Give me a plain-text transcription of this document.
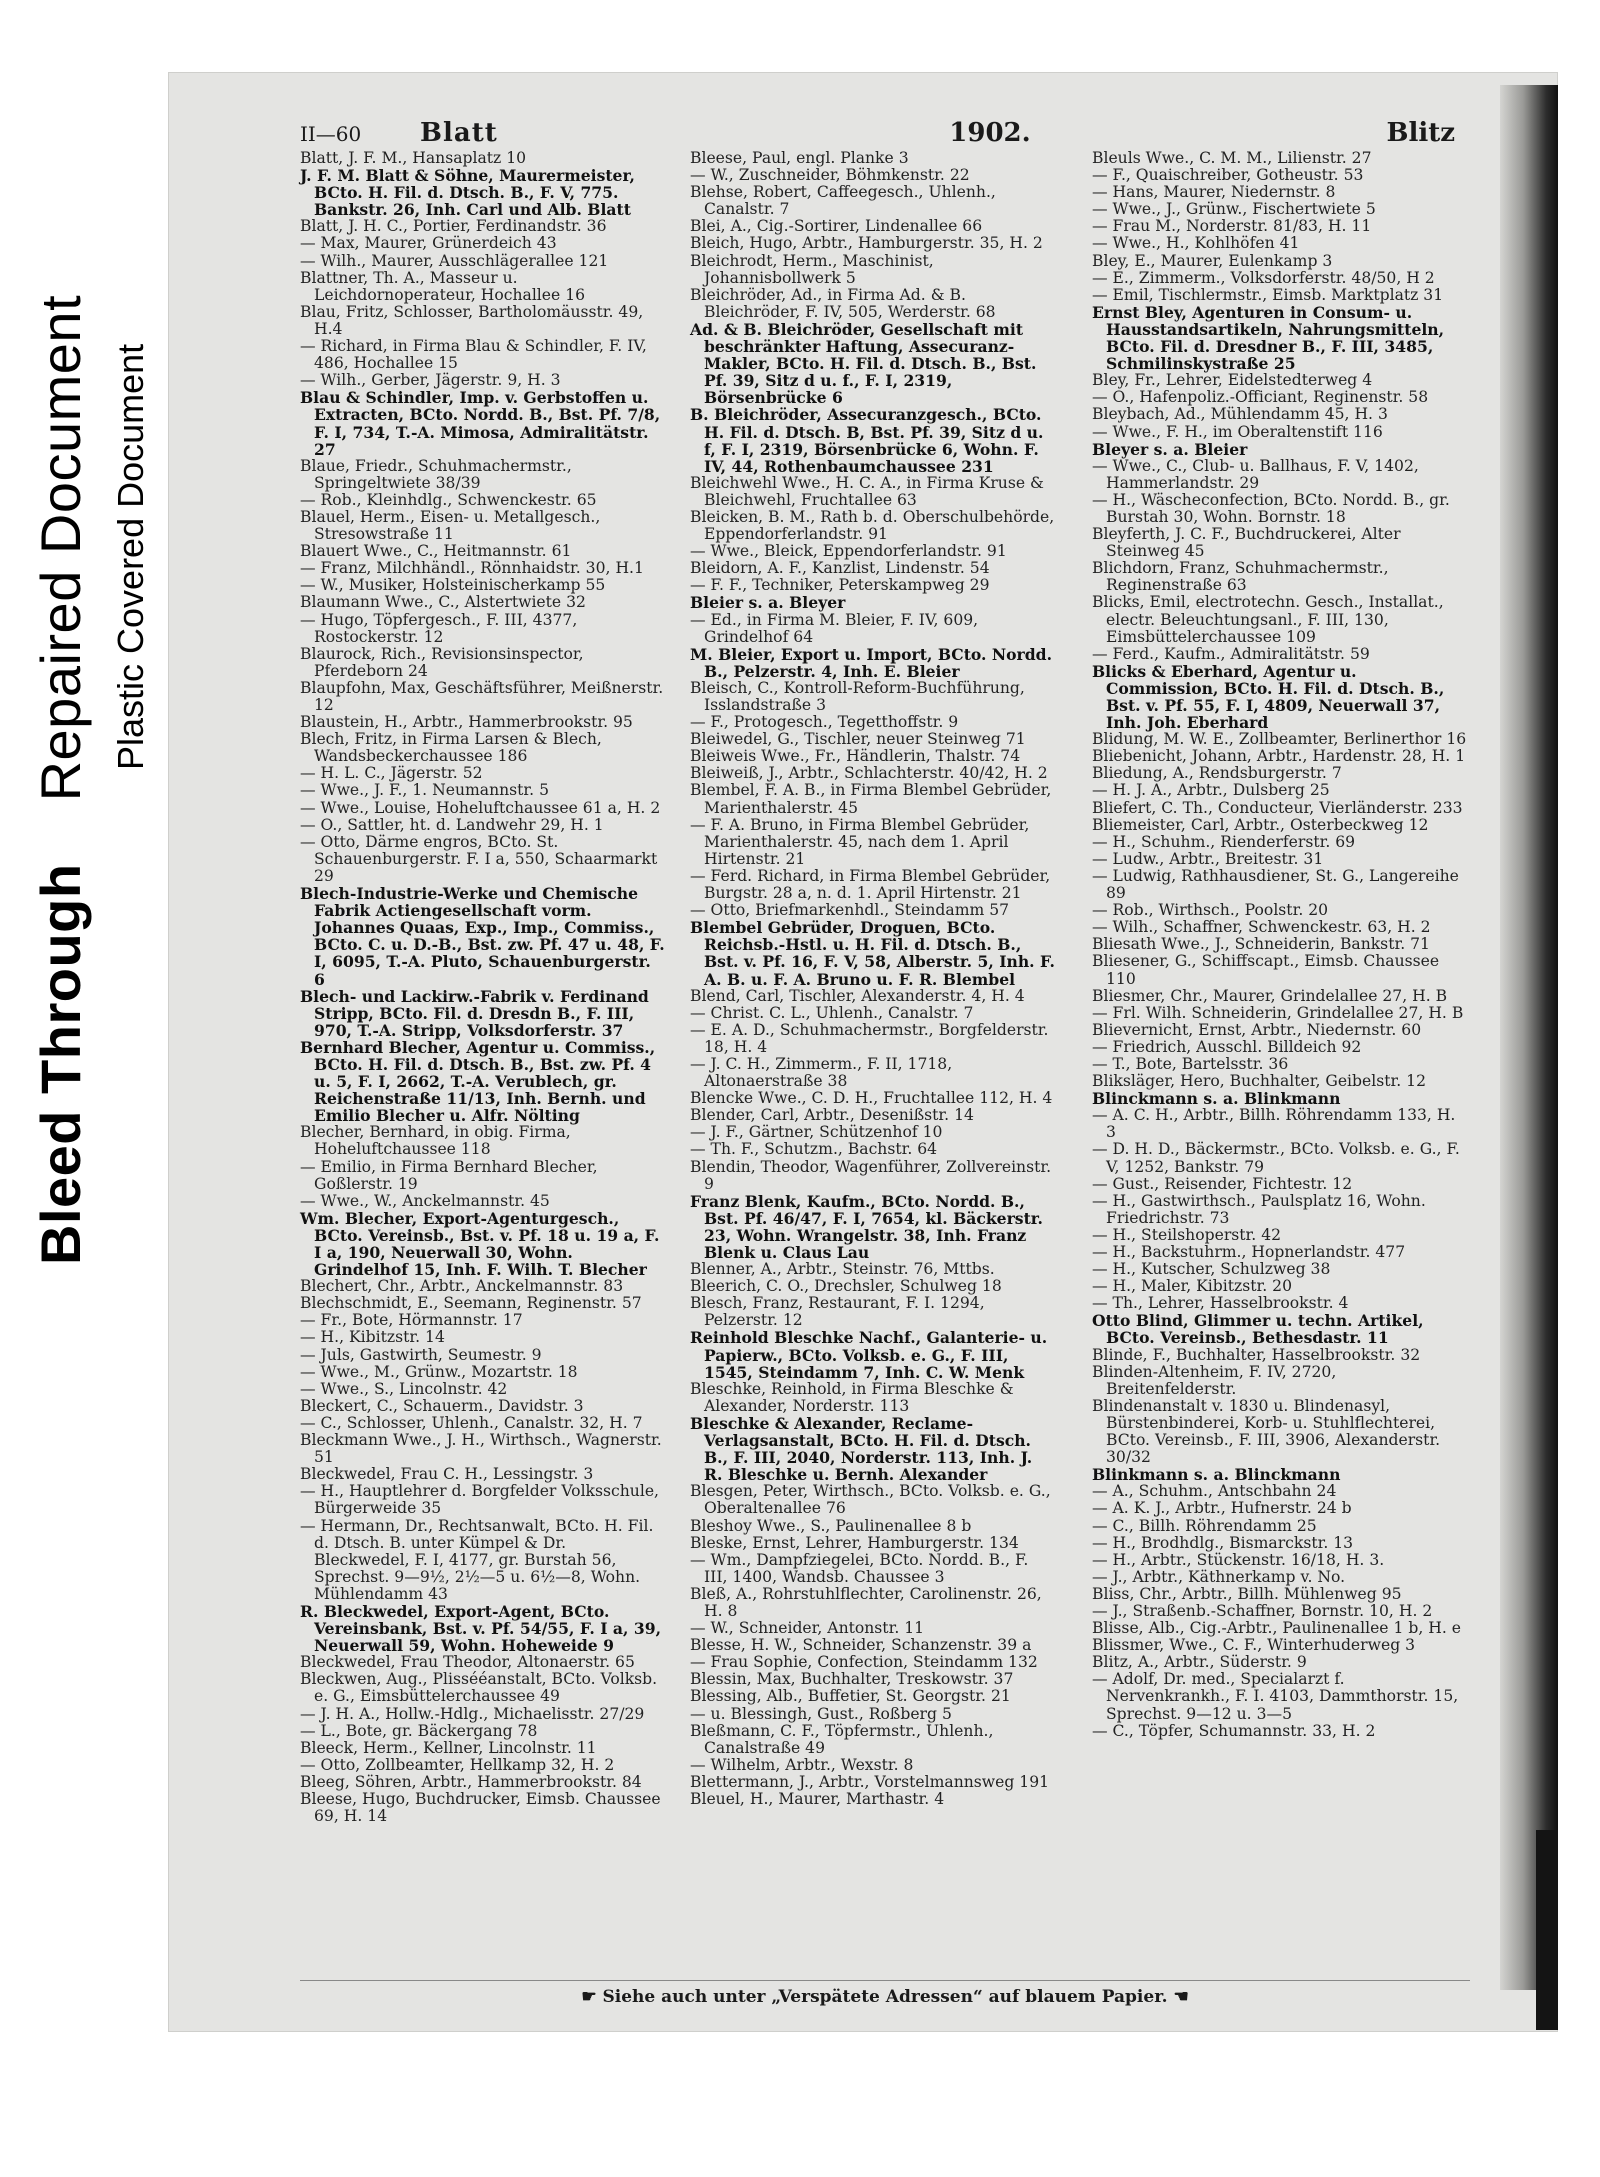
Bleed ThroughRepaired Document Plastic Covered Document
II—60	Blatt	1902.	Blitz

Blatt, J. F. M., Hansaplatz 10

J. F. M. Blatt & Söhne, Maurermeister, BCto. H. Fil. d. Dtsch. B., F. V, 775. Bankstr. 26, Inh. Carl und Alb. Blatt

Blatt, J. H. C., Portier, Ferdinandstr. 36

— Max, Maurer, Grünerdeich 43

— Wilh., Maurer, Ausschlägerallee 121

Blattner, Th. A., Masseur u. Leichdornoperateur, Hochallee 16

Blau, Fritz, Schlosser, Bartholomäusstr. 49, H.4

— Richard, in Firma Blau & Schindler, F. IV, 486, Hochallee 15

— Wilh., Gerber, Jägerstr. 9, H. 3

Blau & Schindler, Imp. v. Gerbstoffen u. Extracten, BCto. Nordd. B., Bst. Pf. 7/8, F. I, 734, T.-A. Mimosa, Admiralitätstr. 27

Blaue, Friedr., Schuhmachermstr., Springeltwiete 38/39

— Rob., Kleinhdlg., Schwenckestr. 65

Blauel, Herm., Eisen- u. Metallgesch., Stresowstraße 11

Blauert Wwe., C., Heitmannstr. 61

— Franz, Milchhändl., Rönnhaidstr. 30, H.1

— W., Musiker, Holsteinischerkamp 55

Blaumann Wwe., C., Alstertwiete 32

— Hugo, Töpfergesch., F. III, 4377, Rostockerstr. 12

Blaurock, Rich., Revisionsinspector, Pferdeborn 24

Blaupfohn, Max, Geschäftsführer, Meißnerstr. 12

Blaustein, H., Arbtr., Hammerbrookstr. 95

Blech, Fritz, in Firma Larsen & Blech, Wandsbeckerchaussee 186

— H. L. C., Jägerstr. 52

— Wwe., J. F., 1. Neumannstr. 5

— Wwe., Louise, Hoheluftchaussee 61 a, H. 2

— O., Sattler, ht. d. Landwehr 29, H. 1

— Otto, Därme engros, BCto. St. Schauenburgerstr. F. I a, 550, Schaarmarkt 29

Blech-Industrie-Werke und Chemische Fabrik Actiengesellschaft vorm. Johannes Quaas, Exp., Imp., Commiss., BCto. C. u. D.-B., Bst. zw. Pf. 47 u. 48, F. I, 6095, T.-A. Pluto, Schauenburgerstr. 6

Blech- und Lackirw.-Fabrik v. Ferdinand Stripp, BCto. Fil. d. Dresdn B., F. III, 970, T.-A. Stripp, Volksdorferstr. 37

Bernhard Blecher, Agentur u. Commiss., BCto. H. Fil. d. Dtsch. B., Bst. zw. Pf. 4 u. 5, F. I, 2662, T.-A. Verublech, gr. Reichenstraße 11/13, Inh. Bernh. und Emilio Blecher u. Alfr. Nölting

Blecher, Bernhard, in obig. Firma, Hoheluftchaussee 118

— Emilio, in Firma Bernhard Blecher, Goßlerstr. 19

— Wwe., W., Anckelmannstr. 45

Wm. Blecher, Export-Agenturgesch., BCto. Vereinsb., Bst. v. Pf. 18 u. 19 a, F. I a, 190, Neuerwall 30, Wohn. Grindelhof 15, Inh. F. Wilh. T. Blecher

Blechert, Chr., Arbtr., Anckelmannstr. 83

Blechschmidt, E., Seemann, Reginenstr. 57

— Fr., Bote, Hörmannstr. 17

— H., Kibitzstr. 14

— Juls, Gastwirth, Seumestr. 9

— Wwe., M., Grünw., Mozartstr. 18

— Wwe., S., Lincolnstr. 42

Bleckert, C., Schauerm., Davidstr. 3

— C., Schlosser, Uhlenh., Canalstr. 32, H. 7

Bleckmann Wwe., J. H., Wirthsch., Wagnerstr. 51

Bleckwedel, Frau C. H., Lessingstr. 3

— H., Hauptlehrer d. Borgfelder Volksschule, Bürgerweide 35

— Hermann, Dr., Rechtsanwalt, BCto. H. Fil. d. Dtsch. B. unter Kümpel & Dr. Bleckwedel, F. I, 4177, gr. Burstah 56, Sprechst. 9—9½, 2½—5 u. 6½—8, Wohn. Mühlendamm 43

R. Bleckwedel, Export-Agent, BCto. Vereinsbank, Bst. v. Pf. 54/55, F. I a, 39, Neuerwall 59, Wohn. Hoheweide 9

Bleckwedel, Frau Theodor, Altonaerstr. 65

Bleckwen, Aug., Plissééanstalt, BCto. Volksb. e. G., Eimsbüttelerchaussee 49

— J. H. A., Hollw.-Hdlg., Michaelisstr. 27/29

— L., Bote, gr. Bäckergang 78

Bleeck, Herm., Kellner, Lincolnstr. 11

— Otto, Zollbeamter, Hellkamp 32, H. 2

Bleeg, Söhren, Arbtr., Hammerbrookstr. 84

Bleese, Hugo, Buchdrucker, Eimsb. Chaussee 69, H. 14

Bleese, Paul, engl. Planke 3

— W., Zuschneider, Böhmkenstr. 22

Blehse, Robert, Caffeegesch., Uhlenh., Canalstr. 7

Blei, A., Cig.-Sortirer, Lindenallee 66

Bleich, Hugo, Arbtr., Hamburgerstr. 35, H. 2

Bleichrodt, Herm., Maschinist, Johannisbollwerk 5

Bleichröder, Ad., in Firma Ad. & B. Bleichröder, F. IV, 505, Werderstr. 68

Ad. & B. Bleichröder, Gesellschaft mit beschränkter Haftung, Assecuranz-Makler, BCto. H. Fil. d. Dtsch. B., Bst. Pf. 39, Sitz d u. f., F. I, 2319, Börsenbrücke 6

B. Bleichröder, Assecuranzgesch., BCto. H. Fil. d. Dtsch. B, Bst. Pf. 39, Sitz d u. f, F. I, 2319, Börsenbrücke 6, Wohn. F. IV, 44, Rothenbaumchaussee 231

Bleichwehl Wwe., H. C. A., in Firma Kruse & Bleichwehl, Fruchtallee 63

Bleicken, B. M., Rath b. d. Oberschulbehörde, Eppendorferlandstr. 91

— Wwe., Bleick, Eppendorferlandstr. 91

Bleidorn, A. F., Kanzlist, Lindenstr. 54

— F. F., Techniker, Peterskampweg 29

Bleier s. a. Bleyer

— Ed., in Firma M. Bleier, F. IV, 609, Grindelhof 64

M. Bleier, Export u. Import, BCto. Nordd. B., Pelzerstr. 4, Inh. E. Bleier

Bleisch, C., Kontroll-Reform-Buchführung, Isslandstraße 3

— F., Protogesch., Tegetthoffstr. 9

Bleiwedel, G., Tischler, neuer Steinweg 71

Bleiweis Wwe., Fr., Händlerin, Thalstr. 74

Bleiweiß, J., Arbtr., Schlachterstr. 40/42, H. 2

Blembel, F. A. B., in Firma Blembel Gebrüder, Marienthalerstr. 45

— F. A. Bruno, in Firma Blembel Gebrüder, Marienthalerstr. 45, nach dem 1. April Hirtenstr. 21

— Ferd. Richard, in Firma Blembel Gebrüder, Burgstr. 28 a, n. d. 1. April Hirtenstr. 21

— Otto, Briefmarkenhdl., Steindamm 57

Blembel Gebrüder, Droguen, BCto. Reichsb.-Hstl. u. H. Fil. d. Dtsch. B., Bst. v. Pf. 16, F. V, 58, Alberstr. 5, Inh. F. A. B. u. F. A. Bruno u. F. R. Blembel

Blend, Carl, Tischler, Alexanderstr. 4, H. 4

— Christ. C. L., Uhlenh., Canalstr. 7

— E. A. D., Schuhmachermstr., Borgfelderstr. 18, H. 4

— J. C. H., Zimmerm., F. II, 1718, Altonaerstraße 38

Blencke Wwe., C. D. H., Fruchtallee 112, H. 4

Blender, Carl, Arbtr., Desenißstr. 14

— J. F., Gärtner, Schützenhof 10

— Th. F., Schutzm., Bachstr. 64

Blendin, Theodor, Wagenführer, Zollvereinstr. 9

Franz Blenk, Kaufm., BCto. Nordd. B., Bst. Pf. 46/47, F. I, 7654, kl. Bäckerstr. 23, Wohn. Wrangelstr. 38, Inh. Franz Blenk u. Claus Lau

Blenner, A., Arbtr., Steinstr. 76, Mttbs.

Bleerich, C. O., Drechsler, Schulweg 18

Blesch, Franz, Restaurant, F. I. 1294, Pelzerstr. 12

Reinhold Bleschke Nachf., Galanterie- u. Papierw., BCto. Volksb. e. G., F. III, 1545, Steindamm 7, Inh. C. W. Menk

Bleschke, Reinhold, in Firma Bleschke & Alexander, Norderstr. 113

Bleschke & Alexander, Reclame-Verlagsanstalt, BCto. H. Fil. d. Dtsch. B., F. III, 2040, Norderstr. 113, Inh. J. R. Bleschke u. Bernh. Alexander

Blesgen, Peter, Wirthsch., BCto. Volksb. e. G., Oberaltenallee 76

Bleshoy Wwe., S., Paulinenallee 8 b

Bleske, Ernst, Lehrer, Hamburgerstr. 134

— Wm., Dampfziegelei, BCto. Nordd. B., F. III, 1400, Wandsb. Chaussee 3

Bleß, A., Rohrstuhlflechter, Carolinenstr. 26, H. 8

— W., Schneider, Antonstr. 11

Blesse, H. W., Schneider, Schanzenstr. 39 a

— Frau Sophie, Confection, Steindamm 132

Blessin, Max, Buchhalter, Treskowstr. 37

Blessing, Alb., Buffetier, St. Georgstr. 21

— u. Blessingh, Gust., Roßberg 5

Bleßmann, C. F., Töpfermstr., Uhlenh., Canalstraße 49

— Wilhelm, Arbtr., Wexstr. 8

Blettermann, J., Arbtr., Vorstelmannsweg 191

Bleuel, H., Maurer, Marthastr. 4

Bleuls Wwe., C. M. M., Lilienstr. 27

— F., Quaischreiber, Gotheustr. 53

— Hans, Maurer, Niedernstr. 8

— Wwe., J., Grünw., Fischertwiete 5

— Frau M., Norderstr. 81/83, H. 11

— Wwe., H., Kohlhöfen 41

Bley, E., Maurer, Eulenkamp 3

— E., Zimmerm., Volksdorferstr. 48/50, H 2

— Emil, Tischlermstr., Eimsb. Marktplatz 31

Ernst Bley, Agenturen in Consum- u. Hausstandsartikeln, Nahrungsmitteln, BCto. Fil. d. Dresdner B., F. III, 3485, Schmilinskystraße 25

Bley, Fr., Lehrer, Eidelstedterweg 4

— O., Hafenpoliz.-Officiant, Reginenstr. 58

Bleybach, Ad., Mühlendamm 45, H. 3

— Wwe., F. H., im Oberaltenstift 116

Bleyer s. a. Bleier

— Wwe., C., Club- u. Ballhaus, F. V, 1402, Hammerlandstr. 29

— H., Wäscheconfection, BCto. Nordd. B., gr. Burstah 30, Wohn. Bornstr. 18

Bleyferth, J. C. F., Buchdruckerei, Alter Steinweg 45

Blichdorn, Franz, Schuhmachermstr., Reginenstraße 63

Blicks, Emil, electrotechn. Gesch., Installat., electr. Beleuchtungsanl., F. III, 130, Eimsbüttelerchaussee 109

— Ferd., Kaufm., Admiralitätstr. 59

Blicks & Eberhard, Agentur u. Commission, BCto. H. Fil. d. Dtsch. B., Bst. v. Pf. 55, F. I, 4809, Neuerwall 37, Inh. Joh. Eberhard

Blidung, M. W. E., Zollbeamter, Berlinerthor 16

Bliebenicht, Johann, Arbtr., Hardenstr. 28, H. 1

Bliedung, A., Rendsburgerstr. 7

— H. J. A., Arbtr., Dulsberg 25

Bliefert, C. Th., Conducteur, Vierländerstr. 233

Bliemeister, Carl, Arbtr., Osterbeckweg 12

— H., Schuhm., Rienderferstr. 69

— Ludw., Arbtr., Breitestr. 31

— Ludwig, Rathhausdiener, St. G., Langereihe 89

— Rob., Wirthsch., Poolstr. 20

— Wilh., Schaffner, Schwenckestr. 63, H. 2

Bliesath Wwe., J., Schneiderin, Bankstr. 71

Bliesener, G., Schiffscapt., Eimsb. Chaussee 110

Bliesmer, Chr., Maurer, Grindelallee 27, H. B

— Frl. Wilh. Schneiderin, Grindelallee 27, H. B

Blievernicht, Ernst, Arbtr., Niedernstr. 60

— Friedrich, Ausschl. Billdeich 92

— T., Bote, Bartelsstr. 36

Bliksläger, Hero, Buchhalter, Geibelstr. 12

Blinckmann s. a. Blinkmann

— A. C. H., Arbtr., Billh. Röhrendamm 133, H. 3

— D. H. D., Bäckermstr., BCto. Volksb. e. G., F. V, 1252, Bankstr. 79

— Gust., Reisender, Fichtestr. 12

— H., Gastwirthsch., Paulsplatz 16, Wohn. Friedrichstr. 73

— H., Steilshoperstr. 42

— H., Backstuhrm., Hopnerlandstr. 477

— H., Kutscher, Schulzweg 38

— H., Maler, Kibitzstr. 20

— Th., Lehrer, Hasselbrookstr. 4

Otto Blind, Glimmer u. techn. Artikel, BCto. Vereinsb., Bethesdastr. 11

Blinde, F., Buchhalter, Hasselbrookstr. 32

Blinden-Altenheim, F. IV, 2720, Breitenfelderstr.

Blindenanstalt v. 1830 u. Blindenasyl, Bürstenbinderei, Korb- u. Stuhlflechterei, BCto. Vereinsb., F. III, 3906, Alexanderstr. 30/32

Blinkmann s. a. Blinckmann

— A., Schuhm., Antschbahn 24

— A. K. J., Arbtr., Hufnerstr. 24 b

— C., Billh. Röhrendamm 25

— H., Brodhdlg., Bismarckstr. 13

— H., Arbtr., Stückenstr. 16/18, H. 3.

— J., Arbtr., Käthnerkamp v. No.

Bliss, Chr., Arbtr., Billh. Mühlenweg 95

— J., Straßenb.-Schaffner, Bornstr. 10, H. 2

Blisse, Alb., Cig.-Arbtr., Paulinenallee 1 b, H. e

Blissmer, Wwe., C. F., Winterhuderweg 3

Blitz, A., Arbtr., Süderstr. 9

— Adolf, Dr. med., Specialarzt f. Nervenkrankh., F. I. 4103, Dammthorstr. 15, Sprechst. 9—12 u. 3—5

— C., Töpfer, Schumannstr. 33, H. 2

☛ Siehe auch unter „Verspätete Adressen“ auf blauem Papier. ☚
